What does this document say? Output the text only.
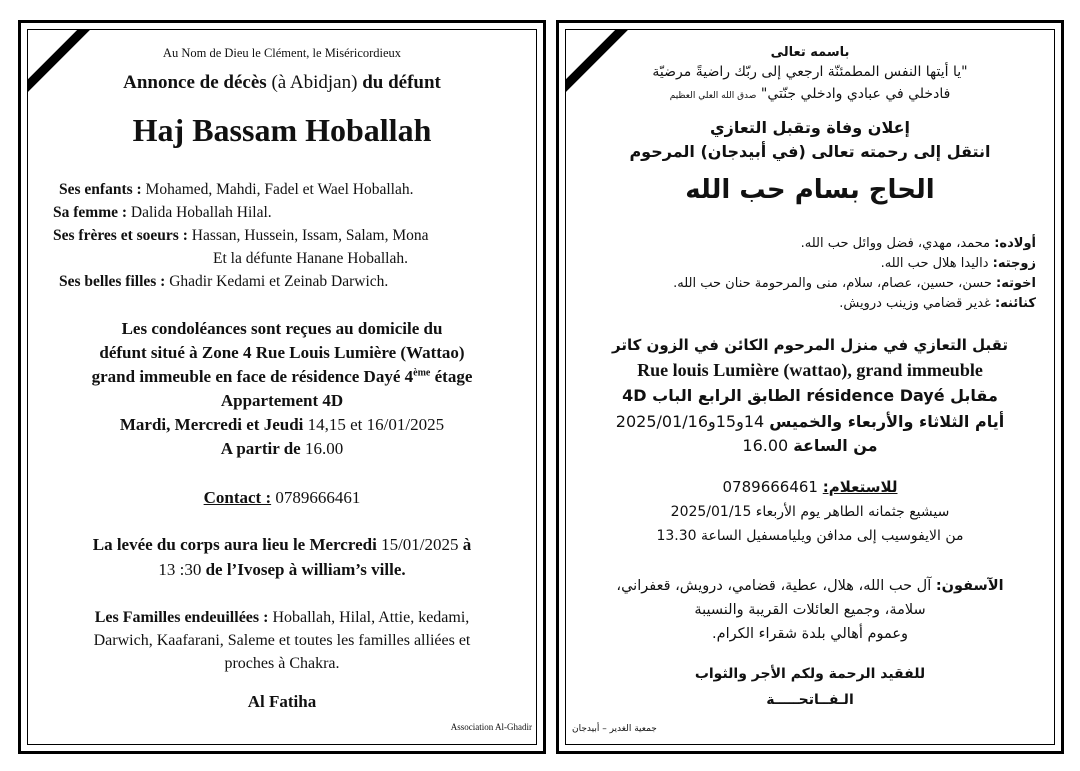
Au Nom de Dieu le Clément, le Miséricordieux
Annonce de décès (à Abidjan) du défunt
Haj Bassam Hoballah
Ses enfants : Mohamed, Mahdi, Fadel et Wael Hoballah.
Sa femme : Dalida Hoballah Hilal.
Ses frères et soeurs : Hassan, Hussein, Issam, Salam, Mona
Et la défunte Hanane Hoballah.
Ses belles filles : Ghadir Kedami et Zeinab Darwich.
Les condoléances sont reçues au domicile du
défunt situé à Zone 4 Rue Louis Lumière (Wattao)
grand immeuble en face de résidence Dayé 4ème étage
Appartement 4D
Mardi, Mercredi et Jeudi 14,15 et 16/01/2025
A partir de 16.00
Contact : 0789666461
La levée du corps aura lieu le Mercredi 15/01/2025 à
13 :30 de l’Ivosep à william’s ville.
Les Familles endeuillées : Hoballah, Hilal, Attie, kedami,
Darwich, Kaafarani, Saleme et toutes les familles alliées et
proches à Chakra.
Al Fatiha
Association Al-Ghadir
باسمه تعالى
"يا أيتها النفس المطمئنّة ارجعي إلى ربّك راضيةً مرضيّة
فادخلي في عبادي وادخلي جنّتي" صدق الله العلي العظيم
إعلان وفاة وتقبل التعازي
انتقل إلى رحمته تعالى (في أبيدجان) المرحوم
الحاج بسام حب الله
أولاده: محمد، مهدي، فضل ووائل حب الله.
زوجته: داليدا هلال حب الله.
اخوته: حسن، حسين، عصام، سلام، منى والمرحومة حنان حب الله.
كنائنه: غدير قضامي وزينب درويش.
تقبل التعازي في منزل المرحوم الكائن في الزون كاتر
Rue louis Lumière (wattao), grand immeuble
مقابل résidence Dayé الطابق الرابع الباب 4D
أيام الثلاثاء والأربعاء والخميس 14و15و2025/01/16
من الساعة 16.00
للاستعلام: 0789666461
سيشيع جثمانه الطاهر يوم الأربعاء 2025/01/15
من الايفوسيب إلى مدافن ويليامسفيل الساعة 13.30
الآسفون: آل حب الله، هلال، عطية، قضامي، درويش، قعفراني،
سلامة، وجميع العائلات القريبة والنسيبة
وعموم أهالي بلدة شقراء الكرام.
للفقيد الرحمة ولكم الأجر والثواب
الـفــاتحـــــة
جمعية الغدير – أبيدجان
